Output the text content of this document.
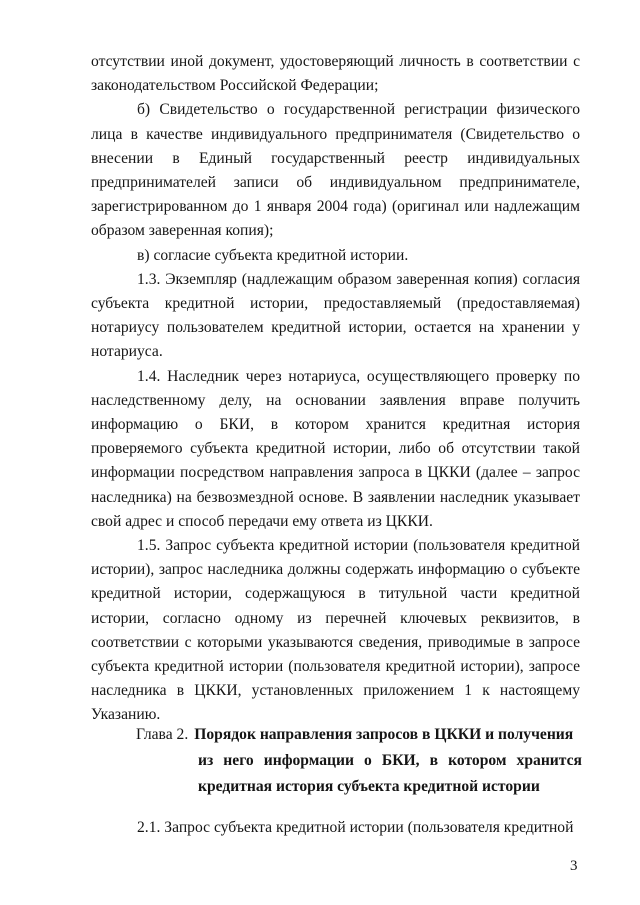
отсутствии иной документ, удостоверяющий личность в соответствии с законодательством Российской Федерации;

б) Свидетельство о государственной регистрации физического лица в качестве индивидуального предпринимателя (Свидетельство о внесении в Единый государственный реестр индивидуальных предпринимателей записи об индивидуальном предпринимателе, зарегистрированном до 1 января 2004 года) (оригинал или надлежащим образом заверенная копия);

в) согласие субъекта кредитной истории.

1.3. Экземпляр (надлежащим образом заверенная копия) согласия субъекта кредитной истории, предоставляемый (предоставляемая) нотариусу пользователем кредитной истории, остается на хранении у нотариуса.

1.4. Наследник через нотариуса, осуществляющего проверку по наследственному делу, на основании заявления вправе получить информацию о БКИ, в котором хранится кредитная история проверяемого субъекта кредитной истории, либо об отсутствии такой информации посредством направления запроса в ЦККИ (далее – запрос наследника) на безвозмездной основе. В заявлении наследник указывает свой адрес и способ передачи ему ответа из ЦККИ.

1.5. Запрос субъекта кредитной истории (пользователя кредитной истории), запрос наследника должны содержать информацию о субъекте кредитной истории, содержащуюся в титульной части кредитной истории, согласно одному из перечней ключевых реквизитов, в соответствии с которыми указываются сведения, приводимые в запросе субъекта кредитной истории (пользователя кредитной истории), запросе наследника в ЦККИ, установленных приложением 1 к настоящему Указанию.

Глава 2. Порядок направления запросов в ЦККИ и получения
из него информации о БКИ, в котором хранится кредитная история субъекта кредитной истории

2.1. Запрос субъекта кредитной истории (пользователя кредитной

3
